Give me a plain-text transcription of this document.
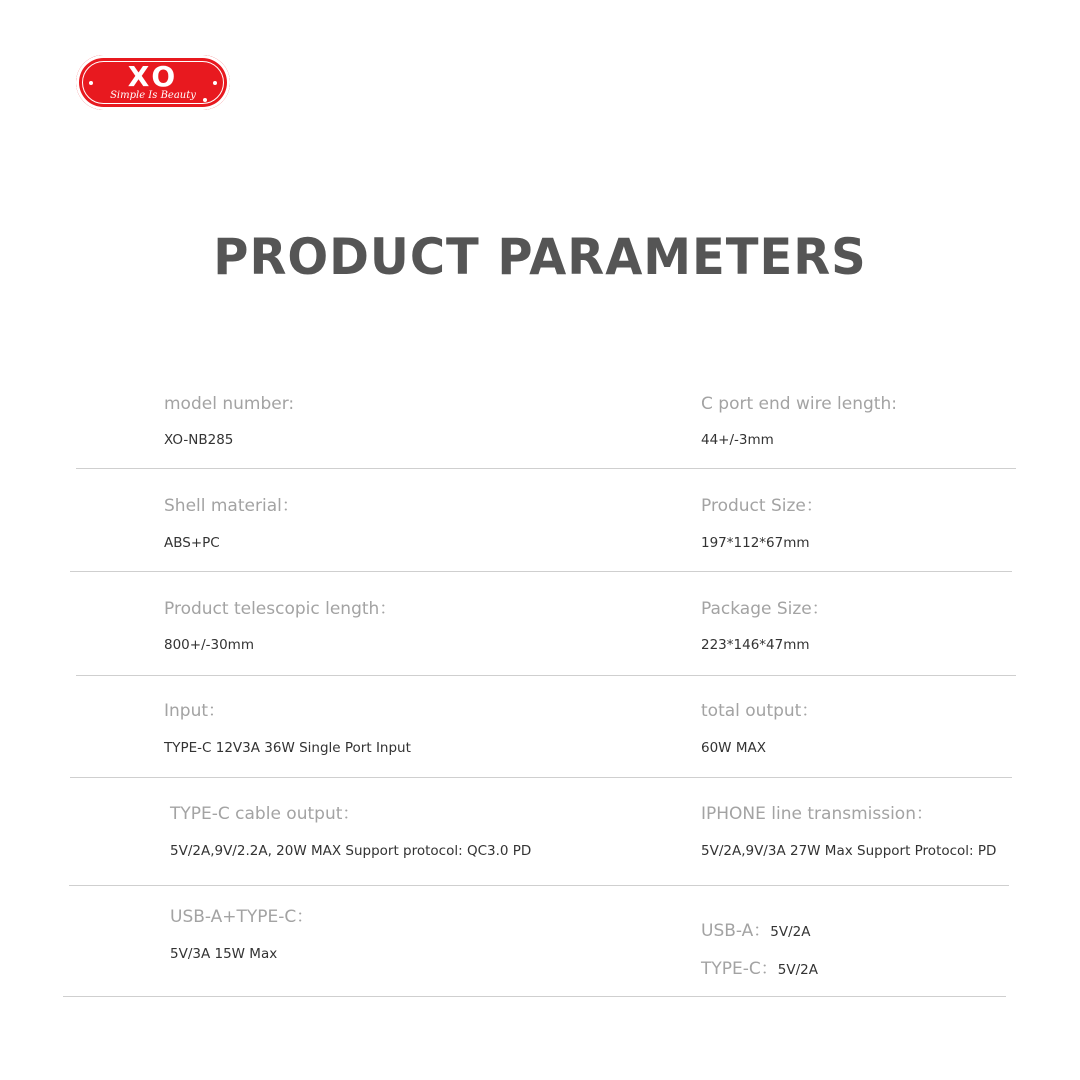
XO
Simple Is Beauty
PRODUCT PARAMETERS
model number:
XO-NB285
C port end wire length:
44+/-3mm
Shell material：
ABS+PC
Product Size：
197*112*67mm
Product telescopic length：
800+/-30mm
Package Size：
223*146*47mm
Input：
TYPE-C 12V3A 36W Single Port Input
total output：
60W MAX
TYPE-C cable output：
5V/2A,9V/2.2A, 20W MAX Support protocol: QC3.0 PD
IPHONE line transmission：
5V/2A,9V/3A 27W Max Support Protocol: PD
USB-A+TYPE-C：
5V/3A 15W Max
USB-A：5V/2A
TYPE-C：5V/2A
